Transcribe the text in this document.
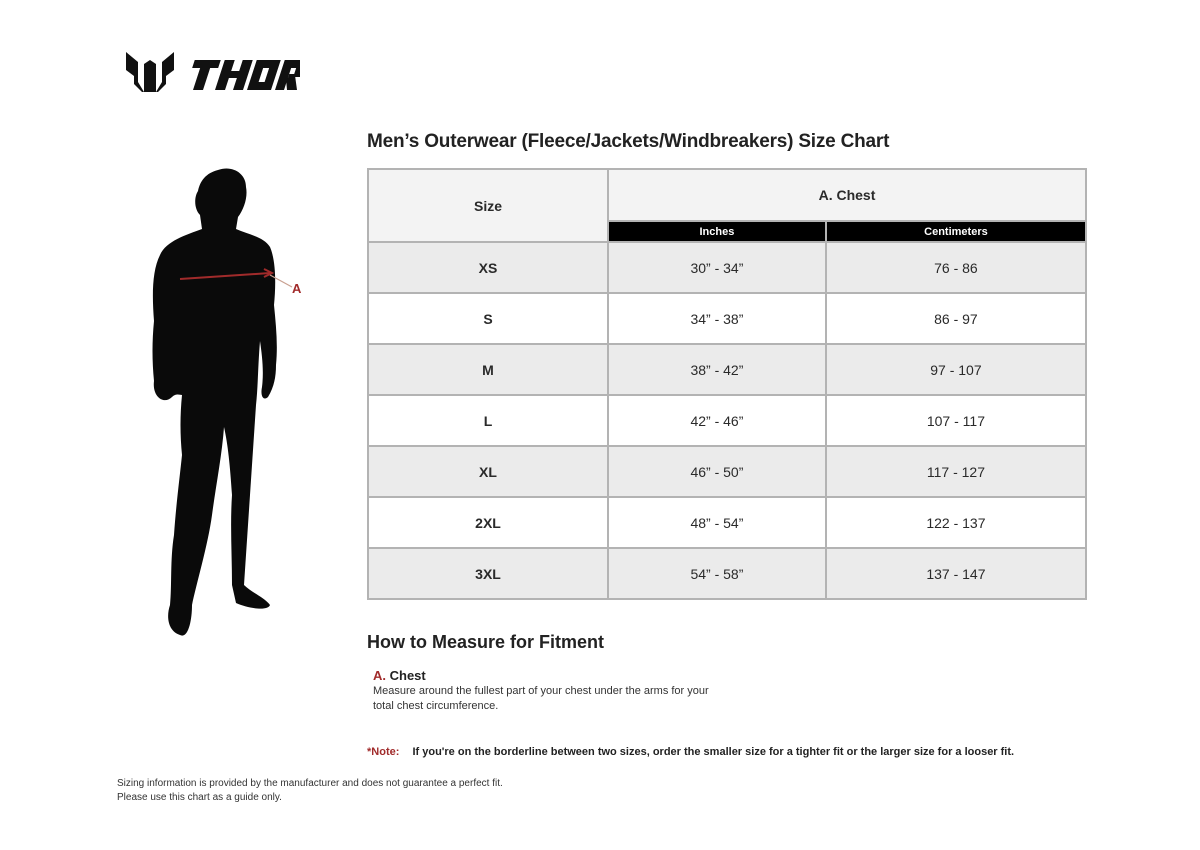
A
Men’s Outerwear (Fleece/Jackets/Windbreakers) Size Chart
Size	A. Chest	
	Inches	Centimeters
XS	30” - 34”	76 - 86
S	34” - 38”	86 - 97
M	38” - 42”	97 - 107
L	42” - 46”	107 - 117
XL	46” - 50”	117 - 127
2XL	48” - 54”	122 - 137
3XL	54” - 58”	137 - 147
How to Measure for Fitment
A. Chest
Measure around the fullest part of your chest under the arms for your
total chest circumference.
*Note: If you're on the borderline between two sizes, order the smaller size for a tighter fit or the larger size for a looser fit.
Sizing information is provided by the manufacturer and does not guarantee a perfect fit.
Please use this chart as a guide only.
